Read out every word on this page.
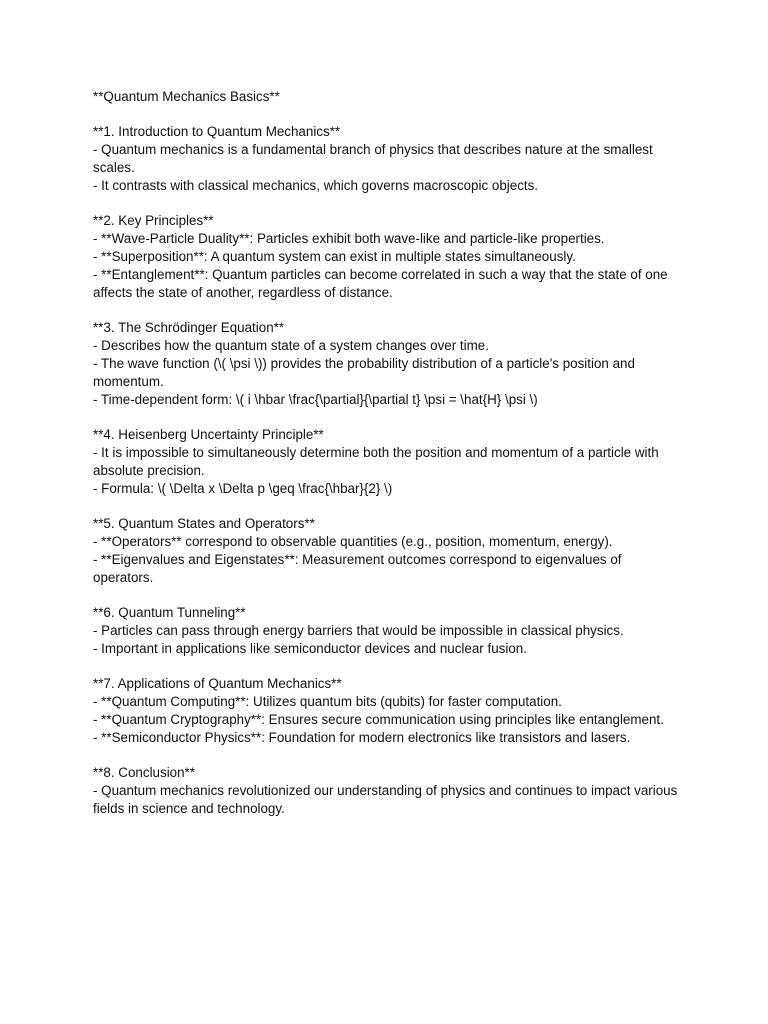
**Quantum Mechanics Basics**
**1. Introduction to Quantum Mechanics**
- Quantum mechanics is a fundamental branch of physics that describes nature at the smallest scales.
- It contrasts with classical mechanics, which governs macroscopic objects.
**2. Key Principles**
- **Wave-Particle Duality**: Particles exhibit both wave-like and particle-like properties.
- **Superposition**: A quantum system can exist in multiple states simultaneously.
- **Entanglement**: Quantum particles can become correlated in such a way that the state of one affects the state of another, regardless of distance.
**3. The Schrödinger Equation**
- Describes how the quantum state of a system changes over time.
- The wave function (\( \psi \)) provides the probability distribution of a particle's position and momentum.
- Time-dependent form: \( i \hbar \frac{\partial}{\partial t} \psi = \hat{H} \psi \)
**4. Heisenberg Uncertainty Principle**
- It is impossible to simultaneously determine both the position and momentum of a particle with absolute precision.
- Formula: \( \Delta x \Delta p \geq \frac{\hbar}{2} \)
**5. Quantum States and Operators**
- **Operators** correspond to observable quantities (e.g., position, momentum, energy).
- **Eigenvalues and Eigenstates**: Measurement outcomes correspond to eigenvalues of operators.
**6. Quantum Tunneling**
- Particles can pass through energy barriers that would be impossible in classical physics.
- Important in applications like semiconductor devices and nuclear fusion.
**7. Applications of Quantum Mechanics**
- **Quantum Computing**: Utilizes quantum bits (qubits) for faster computation.
- **Quantum Cryptography**: Ensures secure communication using principles like entanglement.
- **Semiconductor Physics**: Foundation for modern electronics like transistors and lasers.
**8. Conclusion**
- Quantum mechanics revolutionized our understanding of physics and continues to impact various fields in science and technology.
